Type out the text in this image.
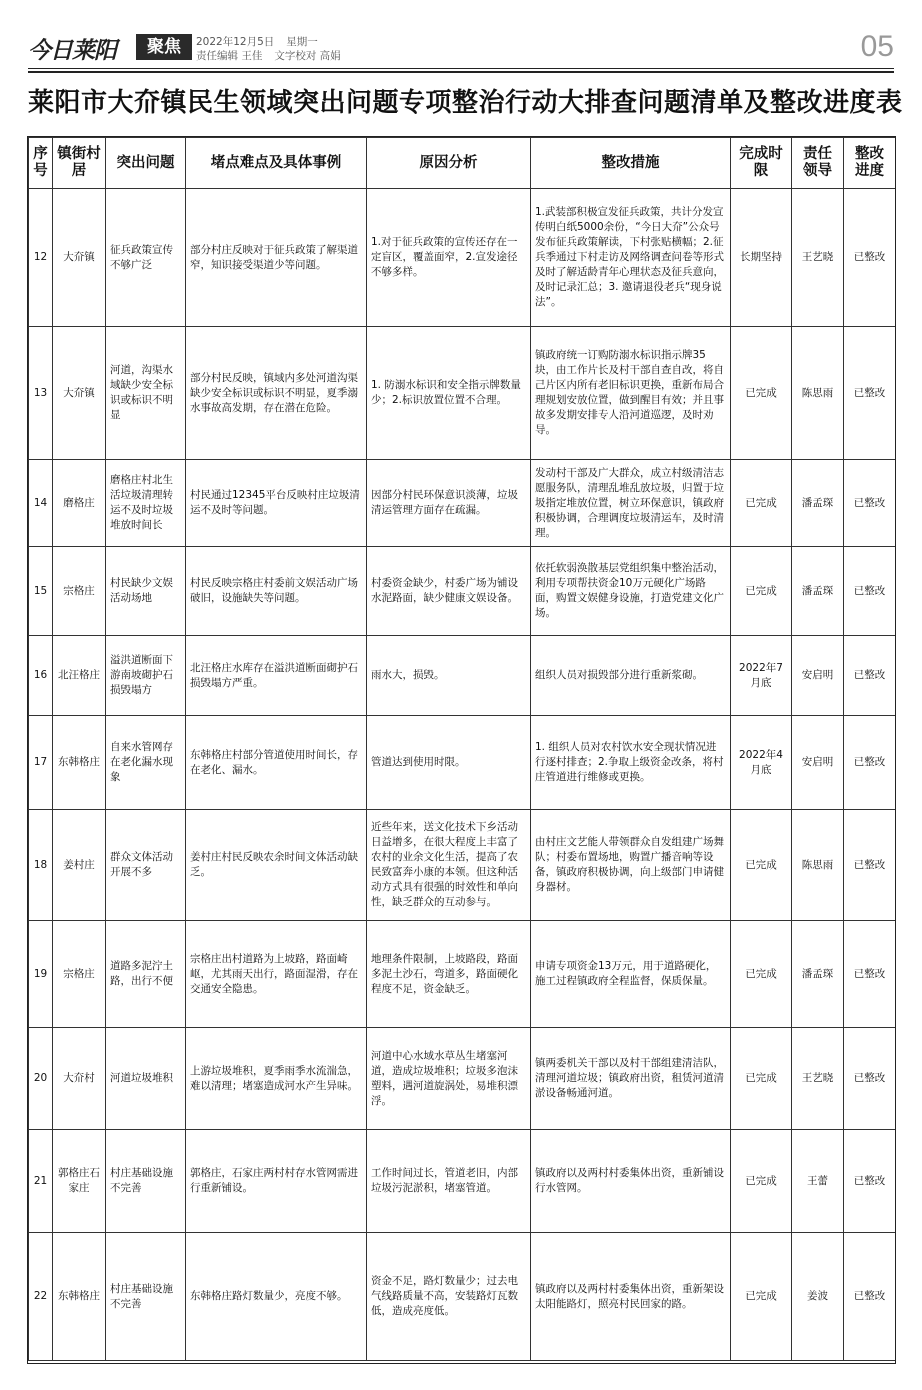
今日莱阳	聚焦	2022年12月5日 星期一
责任编辑 王佳 文字校对 高娟	05
莱阳市大夼镇民生领域突出问题专项整治行动大排查问题清单及整改进度表
序号	镇街村居	突出问题	堵点难点及具体事例	原因分析	整改措施	完成时限	责任领导	整改进度
12	大夼镇	征兵政策宣传不够广泛	部分村庄反映对于征兵政策了解渠道窄，知识接受渠道少等问题。	1.对于征兵政策的宣传还存在一定盲区，覆盖面窄，2.宣发途径不够多样。	1.武装部积极宣发征兵政策，共计分发宣传明白纸5000余份，“今日大夼”公众号发布征兵政策解读，下村张贴横幅；2.征兵季通过下村走访及网络调查问卷等形式及时了解适龄青年心理状态及征兵意向，及时记录汇总；3. 邀请退役老兵“现身说法”。	长期坚持	王艺晓	已整改
13	大夼镇	河道，沟渠水域缺少安全标识或标识不明显	部分村民反映，镇域内多处河道沟渠缺少安全标识或标识不明显，夏季溺水事故高发期，存在潜在危险。	1. 防溺水标识和安全指示牌数量少；2.标识放置位置不合理。	镇政府统一订购防溺水标识指示牌35块，由工作片长及村干部自查自改，将自己片区内所有老旧标识更换，重新布局合理规划安放位置，做到醒目有效；并且事故多发期安排专人沿河道巡逻，及时劝导。	已完成	陈思雨	已整改
14	磨格庄	磨格庄村北生活垃圾清理转运不及时垃圾堆放时间长	村民通过12345平台反映村庄垃圾清运不及时等问题。	因部分村民环保意识淡薄，垃圾清运管理方面存在疏漏。	发动村干部及广大群众，成立村级清洁志愿服务队，清理乱堆乱放垃圾，归置于垃圾指定堆放位置，树立环保意识，镇政府积极协调，合理调度垃圾清运车，及时清理。	已完成	潘孟琛	已整改
15	宗格庄	村民缺少文娱活动场地	村民反映宗格庄村委前文娱活动广场破旧，设施缺失等问题。	村委资金缺少，村委广场为铺设水泥路面，缺少健康文娱设备。	依托软弱涣散基层党组织集中整治活动，利用专项帮扶资金10万元硬化广场路面，购置文娱健身设施，打造党建文化广场。	已完成	潘孟琛	已整改
16	北汪格庄	溢洪道断面下游南坡砌护石损毁塌方	北汪格庄水库存在溢洪道断面砌护石损毁塌方严重。	雨水大，损毁。	组织人员对损毁部分进行重新浆砌。	2022年7月底	安启明	已整改
17	东韩格庄	自来水管网存在老化漏水现象	东韩格庄村部分管道使用时间长，存在老化、漏水。	管道达到使用时限。	1. 组织人员对农村饮水安全现状情况进行逐村排查；2.争取上级资金改条，将村庄管道进行维修或更换。	2022年4月底	安启明	已整改
18	姜村庄	群众文体活动开展不多	姜村庄村民反映农余时间文体活动缺乏。	近些年来，送文化技术下乡活动日益增多，在很大程度上丰富了农村的业余文化生活，提高了农民致富奔小康的本领。但这种活动方式具有很强的时效性和单向性，缺乏群众的互动参与。	由村庄文艺能人带领群众自发组建广场舞队；村委布置场地，购置广播音响等设备，镇政府积极协调，向上级部门申请健身器材。	已完成	陈思雨	已整改
19	宗格庄	道路多泥泞土路，出行不便	宗格庄出村道路为上坡路，路面崎岖，尤其雨天出行，路面湿滑，存在交通安全隐患。	地理条件限制，上坡路段，路面多泥土沙石，弯道多，路面硬化程度不足，资金缺乏。	申请专项资金13万元，用于道路硬化，施工过程镇政府全程监督，保质保量。	已完成	潘孟琛	已整改
20	大夼村	河道垃圾堆积	上游垃圾堆积，夏季雨季水流湍急，难以清理；堵塞造成河水产生异味。	河道中心水域水草丛生堵塞河道，造成垃圾堆积；垃圾多泡沫塑料，遇河道旋涡处，易堆积漂浮。	镇两委机关干部以及村干部组建清洁队，清理河道垃圾；镇政府出资，租赁河道清淤设备畅通河道。	已完成	王艺晓	已整改
21	郭格庄石家庄	村庄基础设施不完善	郭格庄，石家庄两村村存水管网需进行重新铺设。	工作时间过长，管道老旧，内部垃圾污泥淤积，堵塞管道。	镇政府以及两村村委集体出资，重新铺设行水管网。	已完成	王蕾	已整改
22	东韩格庄	村庄基础设施不完善	东韩格庄路灯数量少，亮度不够。	资金不足，路灯数量少；过去电气线路质量不高，安装路灯瓦数低，造成亮度低。	镇政府以及两村村委集体出资，重新架设太阳能路灯，照亮村民回家的路。	已完成	姜波	已整改
